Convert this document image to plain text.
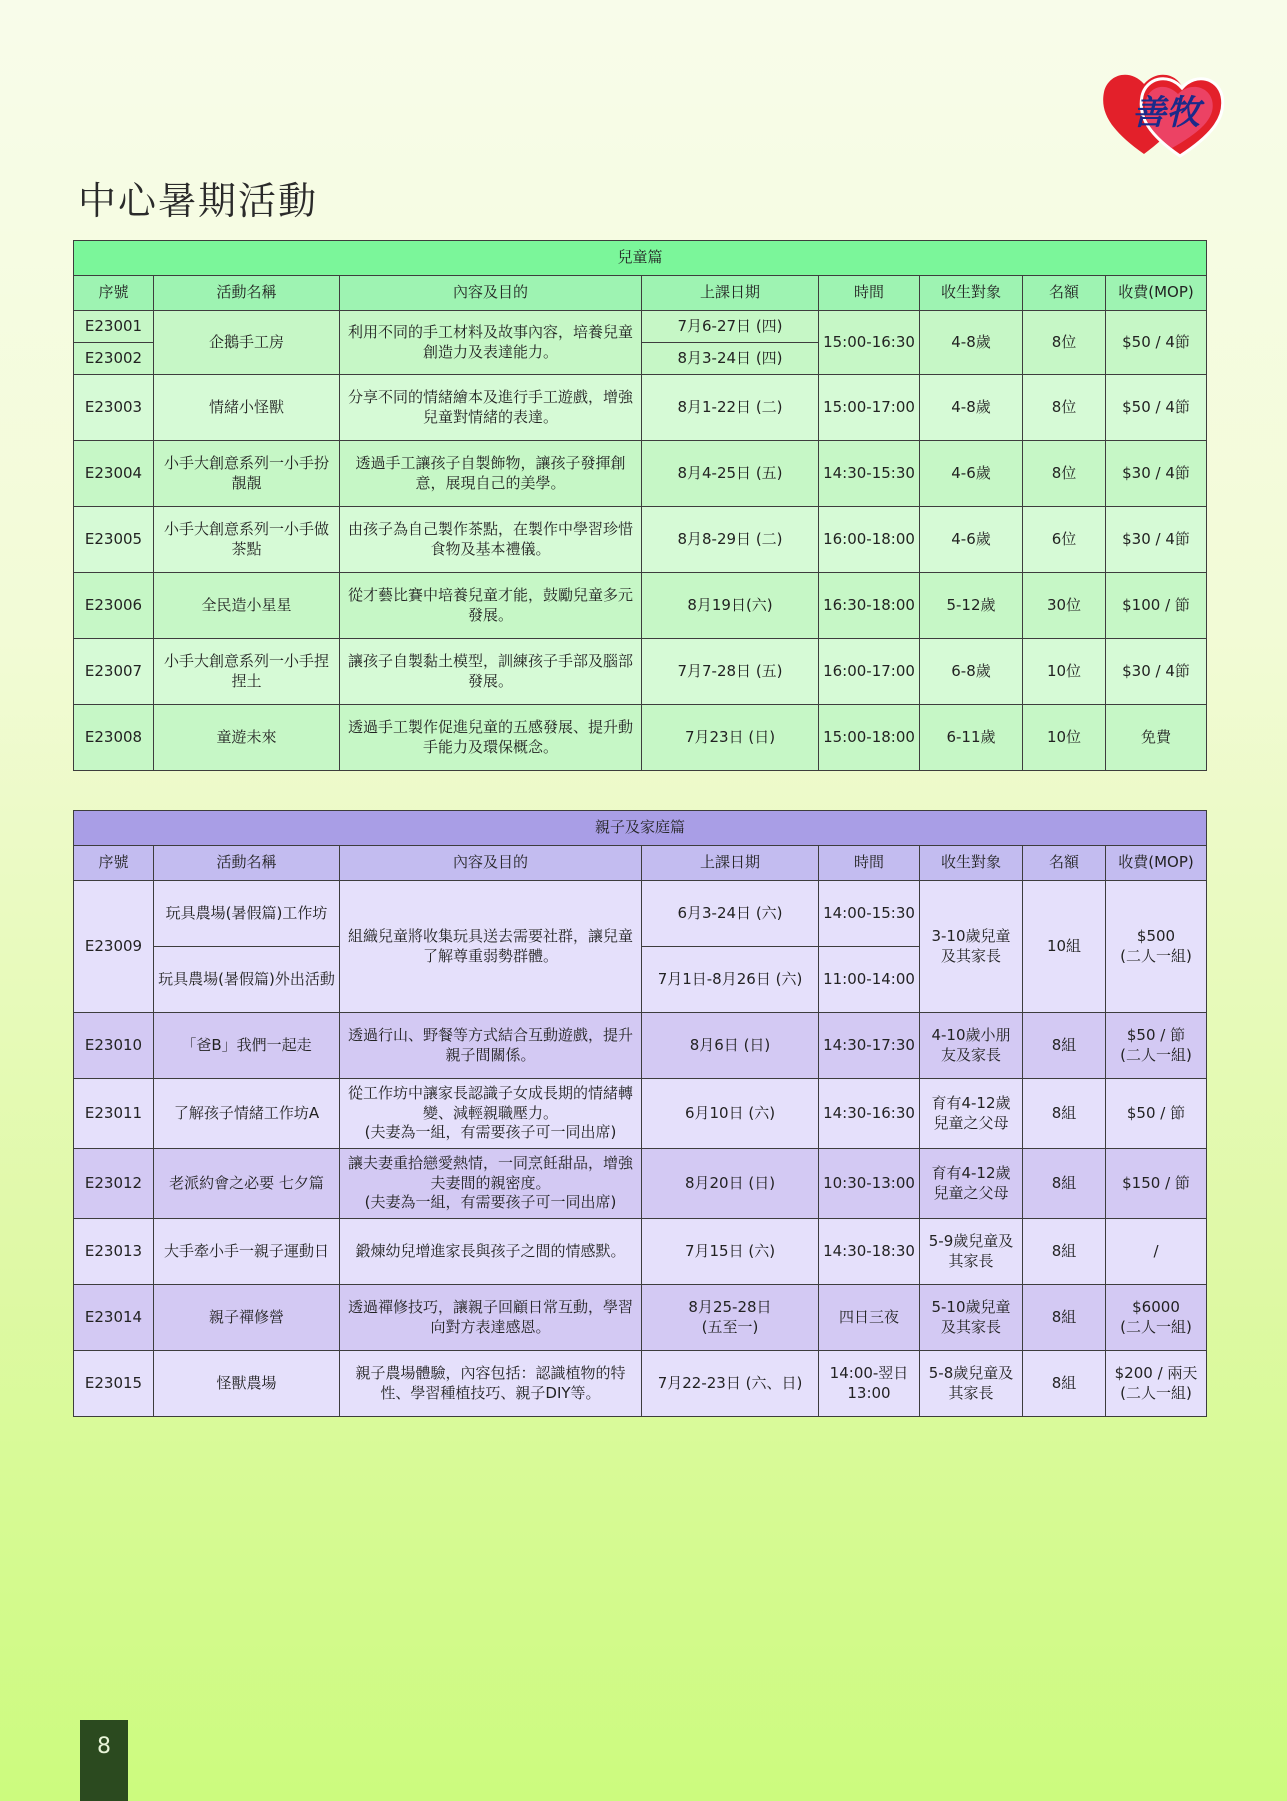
善牧
中心暑期活動
兒童篇							
序號	活動名稱	內容及目的	上課日期	時間	收生對象	名額	收費(MOP)
E23001	企鵝手工房	利用不同的手工材料及故事內容，培養兒童創造力及表達能力。	7月6-27日 (四)	15:00-16:30	4-8歲	8位	$50 / 4節
E23002			8月3-24日 (四)				
E23003	情緒小怪獸	分享不同的情緒繪本及進行手工遊戲，增強兒童對情緒的表達。	8月1-22日 (二)	15:00-17:00	4-8歲	8位	$50 / 4節
E23004	小手大創意系列一小手扮靚靚	透過手工讓孩子自製飾物，讓孩子發揮創意，展現自己的美學。	8月4-25日 (五)	14:30-15:30	4-6歲	8位	$30 / 4節
E23005	小手大創意系列一小手做茶點	由孩子為自己製作茶點，在製作中學習珍惜食物及基本禮儀。	8月8-29日 (二)	16:00-18:00	4-6歲	6位	$30 / 4節
E23006	全民造小星星	從才藝比賽中培養兒童才能，鼓勵兒童多元發展。	8月19日(六)	16:30-18:00	5-12歲	30位	$100 / 節
E23007	小手大創意系列一小手捏捏土	讓孩子自製黏土模型，訓練孩子手部及腦部發展。	7月7-28日 (五)	16:00-17:00	6-8歲	10位	$30 / 4節
E23008	童遊未來	透過手工製作促進兒童的五感發展、提升動手能力及環保概念。	7月23日 (日)	15:00-18:00	6-11歲	10位	免費
親子及家庭篇							
序號	活動名稱	內容及目的	上課日期	時間	收生對象	名額	收費(MOP)
E23009	玩具農場(暑假篇)工作坊	組織兒童將收集玩具送去需要社群，讓兒童了解尊重弱勢群體。	6月3-24日 (六)	14:00-15:30	3-10歲兒童及其家長	10組	$500
(二人一組)
	玩具農場(暑假篇)外出活動		7月1日-8月26日 (六)	11:00-14:00			
E23010	「爸B」我們一起走	透過行山、野餐等方式結合互動遊戲，提升親子間關係。	8月6日 (日)	14:30-17:30	4-10歲小朋友及家長	8組	$50 / 節
(二人一組)
E23011	了解孩子情緒工作坊A	從工作坊中讓家長認識子女成長期的情緒轉變、減輕親職壓力。
(夫妻為一組，有需要孩子可一同出席)	6月10日 (六)	14:30-16:30	育有4-12歲兒童之父母	8組	$50 / 節
E23012	老派約會之必要 七夕篇	讓夫妻重拾戀愛熱情，一同烹飪甜品，增強夫妻間的親密度。
(夫妻為一組，有需要孩子可一同出席)	8月20日 (日)	10:30-13:00	育有4-12歲兒童之父母	8組	$150 / 節
E23013	大手牽小手一親子運動日	鍛煉幼兒增進家長與孩子之間的情感默。	7月15日 (六)	14:30-18:30	5-9歲兒童及其家長	8組	/
E23014	親子禪修營	透過禪修技巧，讓親子回顧日常互動，學習向對方表達感恩。	8月25-28日
(五至一)	四日三夜	5-10歲兒童及其家長	8組	$6000
(二人一組)
E23015	怪獸農場	親子農場體驗，內容包括：認識植物的特性、學習種植技巧、親子DIY等。	7月22-23日 (六、日)	14:00-翌日13:00	5-8歲兒童及其家長	8組	$200 / 兩天
(二人一組)
8
